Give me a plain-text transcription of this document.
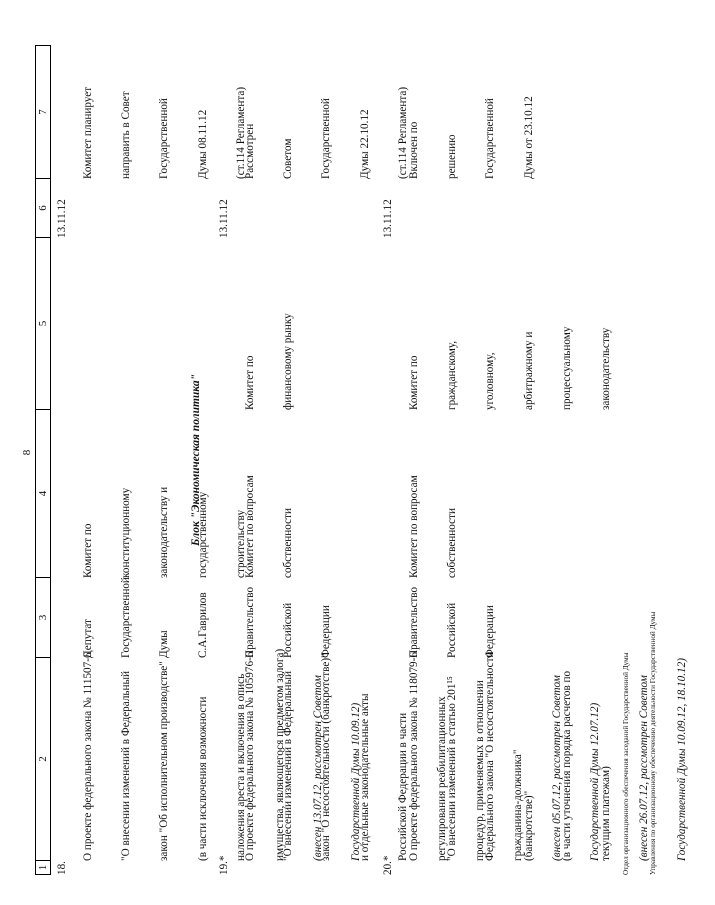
8
1
2
3
4
5
6
7
18.

О проекте федерального закона № 111507-6

"О внесении изменений в Федеральный

закон "Об исполнительном производстве"

(в части исключения возможности

наложения ареста и включения в опись

имущества, являющегося предметом залога)

(внесен 13.07.12, рассмотрен Советом

Государственной Думы 10.09.12)

Депутат

Государственной

Думы

С.А.Гаврилов

Комитет по

конституционному

законодательству и

государственному

строительству

13.11.12

Комитет планирует

направить в Совет

Государственной

Думы 08.11.12

(ст.114 Регламента)

Блок "Экономическая политика"
19.*

О проекте федерального закона № 105976-6

"О внесении изменений в Федеральный

закон "О несостоятельности (банкротстве)"

и отдельные законодательные акты

Российской Федерации в части

регулирования реабилитационных

процедур, применяемых в отношении

гражданина-должника"

(внесен 05.07.12, рассмотрен Советом

Государственной Думы 12.07.12)

Правительство

Российской

Федерации

Комитет по вопросам

собственности

Комитет по

финансовому рынку

13.11.12

Рассмотрен

Советом

Государственной

Думы 22.10.12

(ст.114 Регламента)

20.*

О проекте федерального закона № 118079-6

"О внесении изменений в статью 201¹⁵

Федерального закона "О несостоятельности

(банкротстве)"

(в части уточнения порядка расчетов по

текущим платежам)

(внесен 26.07.12, рассмотрен Советом

Государственной Думы 10.09.12, 18.10.12)

Правительство

Российской

Федерации

Комитет по вопросам

собственности

Комитет по

гражданскому,

уголовному,

арбитражному и

процессуальному

законодательству

13.11.12

Включен по

решению

Государственной

Думы от 23.10.12

Отдел организационного обеспечения заседаний Государственной Думы

	Управления по организационному обеспечению деятельности Государственной Думы
